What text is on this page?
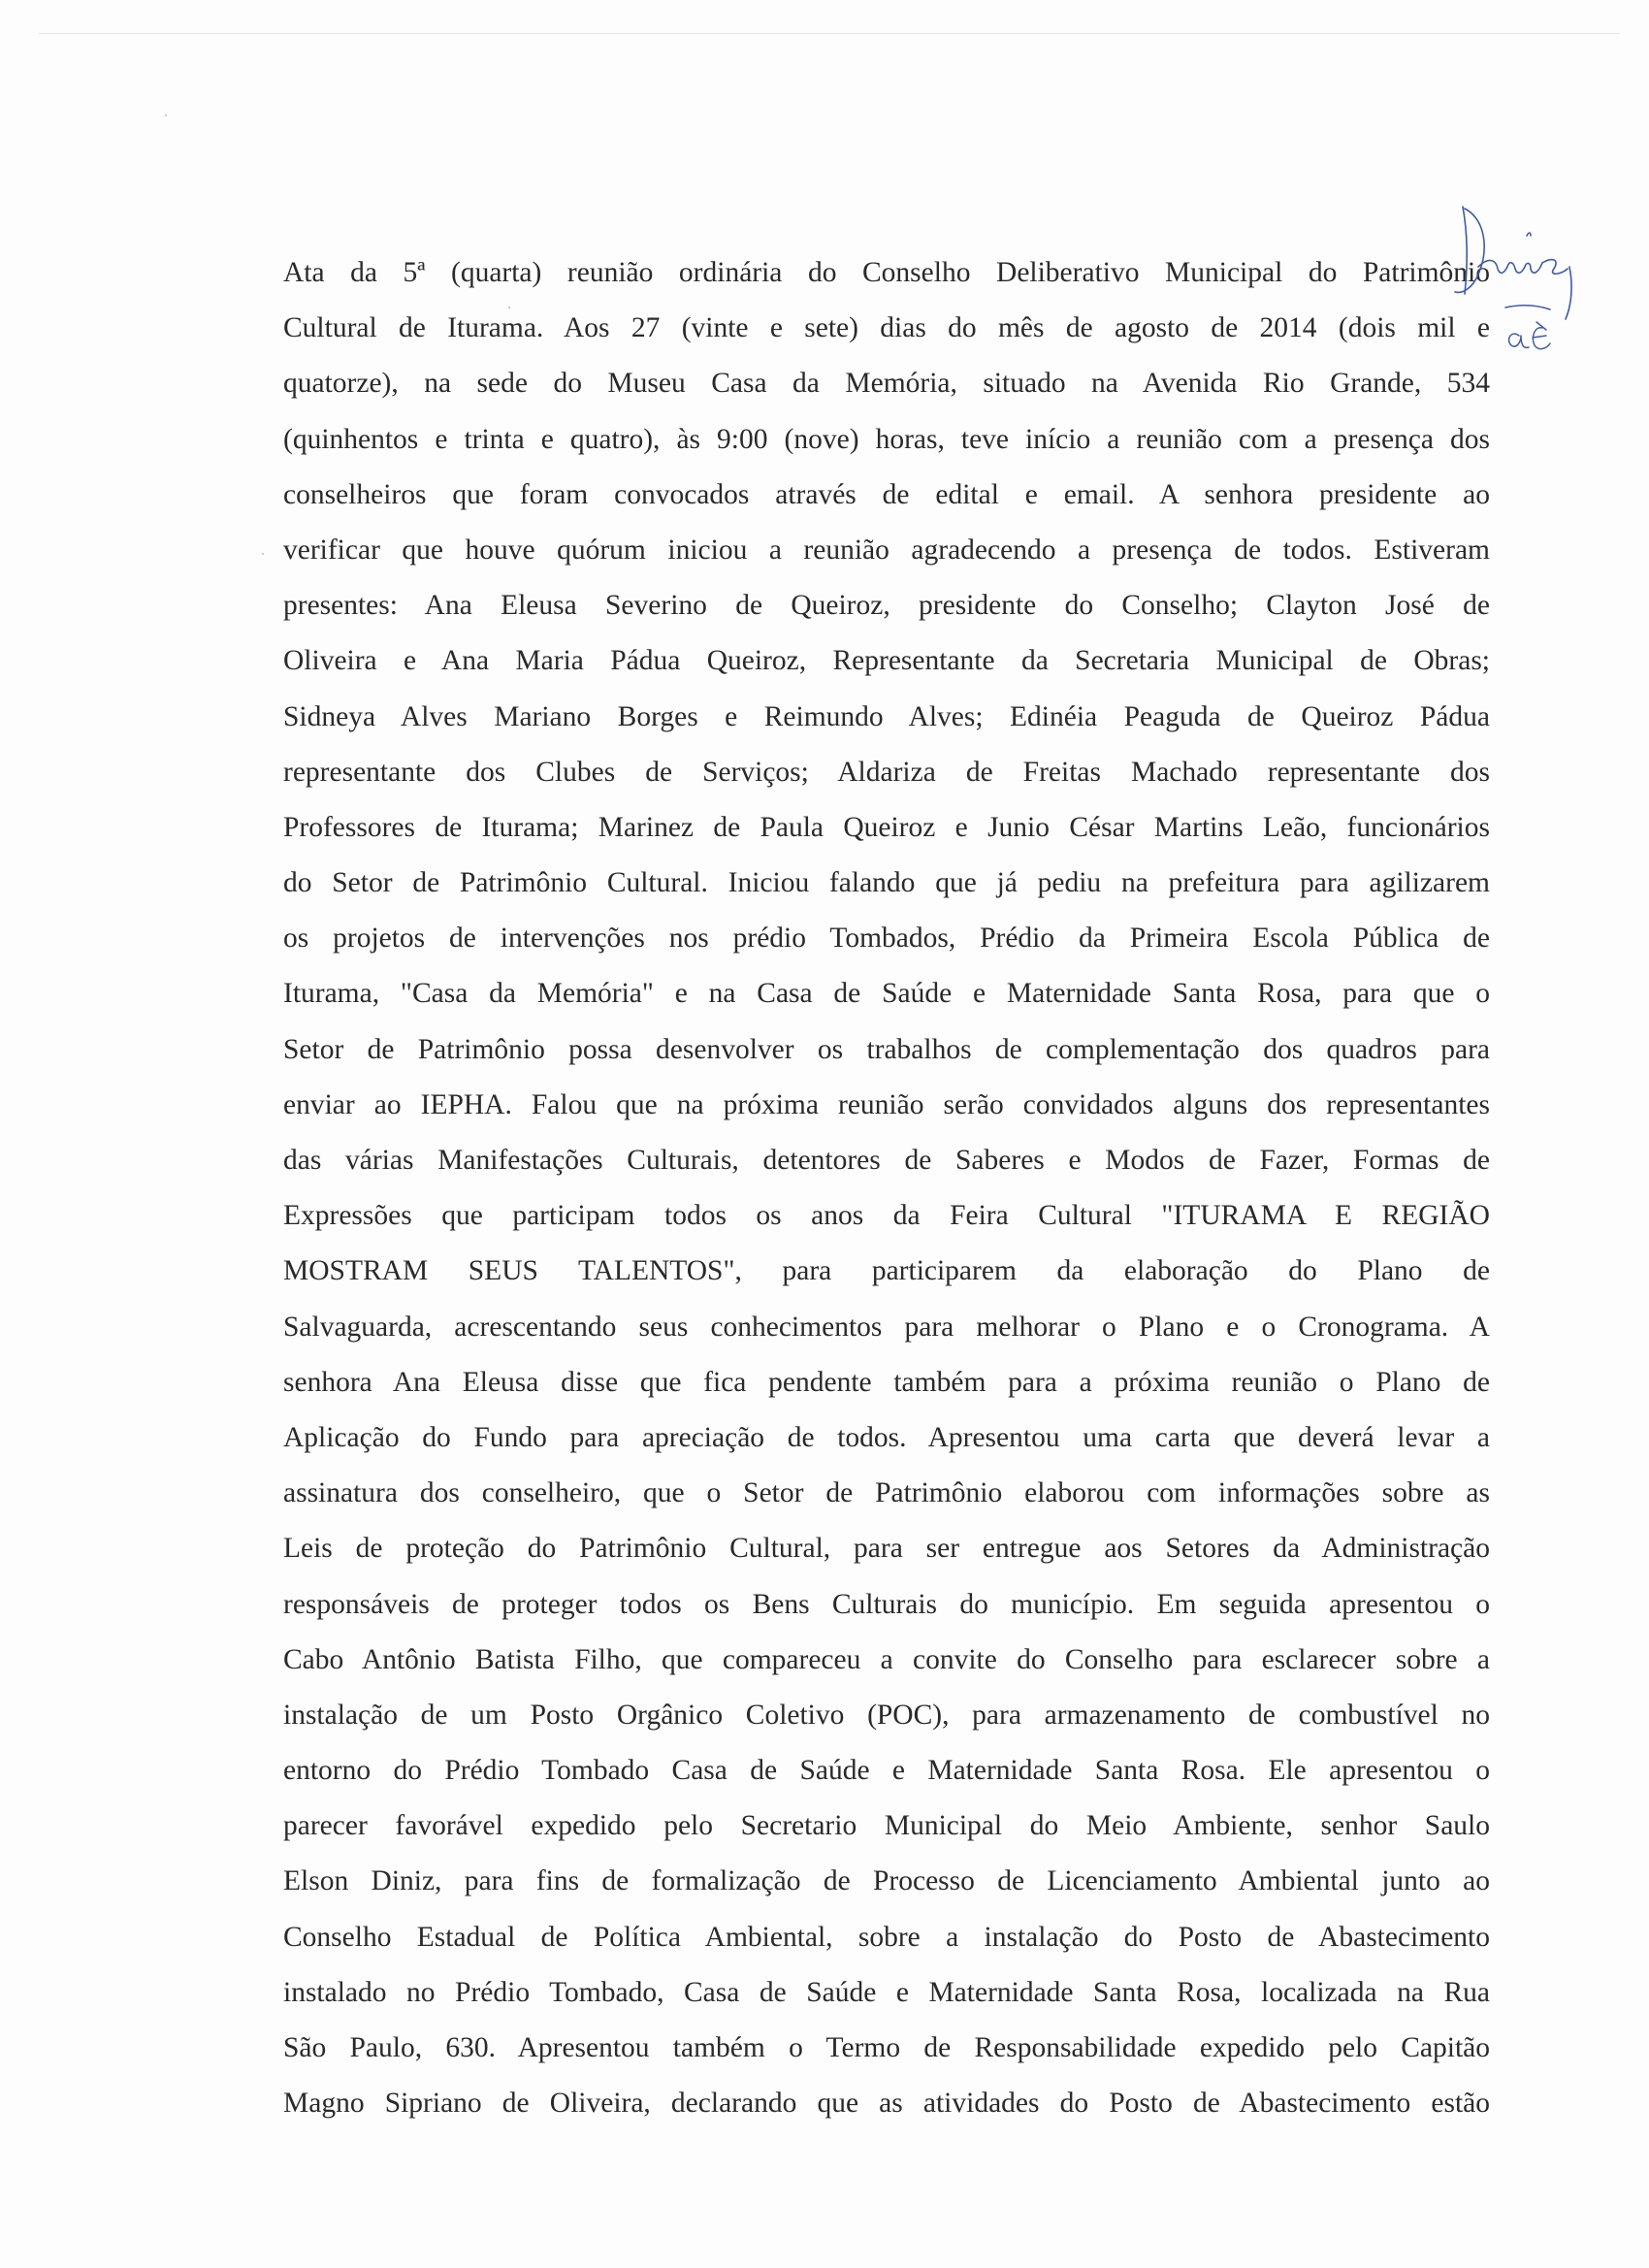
Ata da 5ª (quarta) reunião ordinária do Conselho Deliberativo Municipal do Patrimônio
Cultural de Iturama. Aos 27 (vinte e sete) dias do mês de agosto de 2014 (dois mil e
quatorze), na sede do Museu Casa da Memória, situado na Avenida Rio Grande, 534
(quinhentos e trinta e quatro), às 9:00 (nove) horas, teve início a reunião com a presença dos
conselheiros que foram convocados através de edital e email. A senhora presidente ao
verificar que houve quórum iniciou a reunião agradecendo a presença de todos. Estiveram
presentes: Ana Eleusa Severino de Queiroz, presidente do Conselho; Clayton José de
Oliveira e Ana Maria Pádua Queiroz, Representante da Secretaria Municipal de Obras;
Sidneya Alves Mariano Borges e Reimundo Alves; Edinéia Peaguda de Queiroz Pádua
representante dos Clubes de Serviços; Aldariza de Freitas Machado representante dos
Professores de Iturama; Marinez de Paula Queiroz e Junio César Martins Leão, funcionários
do Setor de Patrimônio Cultural. Iniciou falando que já pediu na prefeitura para agilizarem
os projetos de intervenções nos prédio Tombados, Prédio da Primeira Escola Pública de
Iturama, "Casa da Memória" e na Casa de Saúde e Maternidade Santa Rosa, para que o
Setor de Patrimônio possa desenvolver os trabalhos de complementação dos quadros para
enviar ao IEPHA. Falou que na próxima reunião serão convidados alguns dos representantes
das várias Manifestações Culturais, detentores de Saberes e Modos de Fazer, Formas de
Expressões que participam todos os anos da Feira Cultural "ITURAMA E REGIÃO
MOSTRAM SEUS TALENTOS", para participarem da elaboração do Plano de
Salvaguarda, acrescentando seus conhecimentos para melhorar o Plano e o Cronograma. A
senhora Ana Eleusa disse que fica pendente também para a próxima reunião o Plano de
Aplicação do Fundo para apreciação de todos. Apresentou uma carta que deverá levar a
assinatura dos conselheiro, que o Setor de Patrimônio elaborou com informações sobre as
Leis de proteção do Patrimônio Cultural, para ser entregue aos Setores da Administração
responsáveis de proteger todos os Bens Culturais do município. Em seguida apresentou o
Cabo Antônio Batista Filho, que compareceu a convite do Conselho para esclarecer sobre a
instalação de um Posto Orgânico Coletivo (POC), para armazenamento de combustível no
entorno do Prédio Tombado Casa de Saúde e Maternidade Santa Rosa. Ele apresentou o
parecer favorável expedido pelo Secretario Municipal do Meio Ambiente, senhor Saulo
Elson Diniz, para fins de formalização de Processo de Licenciamento Ambiental junto ao
Conselho Estadual de Política Ambiental, sobre a instalação do Posto de Abastecimento
instalado no Prédio Tombado, Casa de Saúde e Maternidade Santa Rosa, localizada na Rua
São Paulo, 630. Apresentou também o Termo de Responsabilidade expedido pelo Capitão
Magno Sipriano de Oliveira, declarando que as atividades do Posto de Abastecimento estão
